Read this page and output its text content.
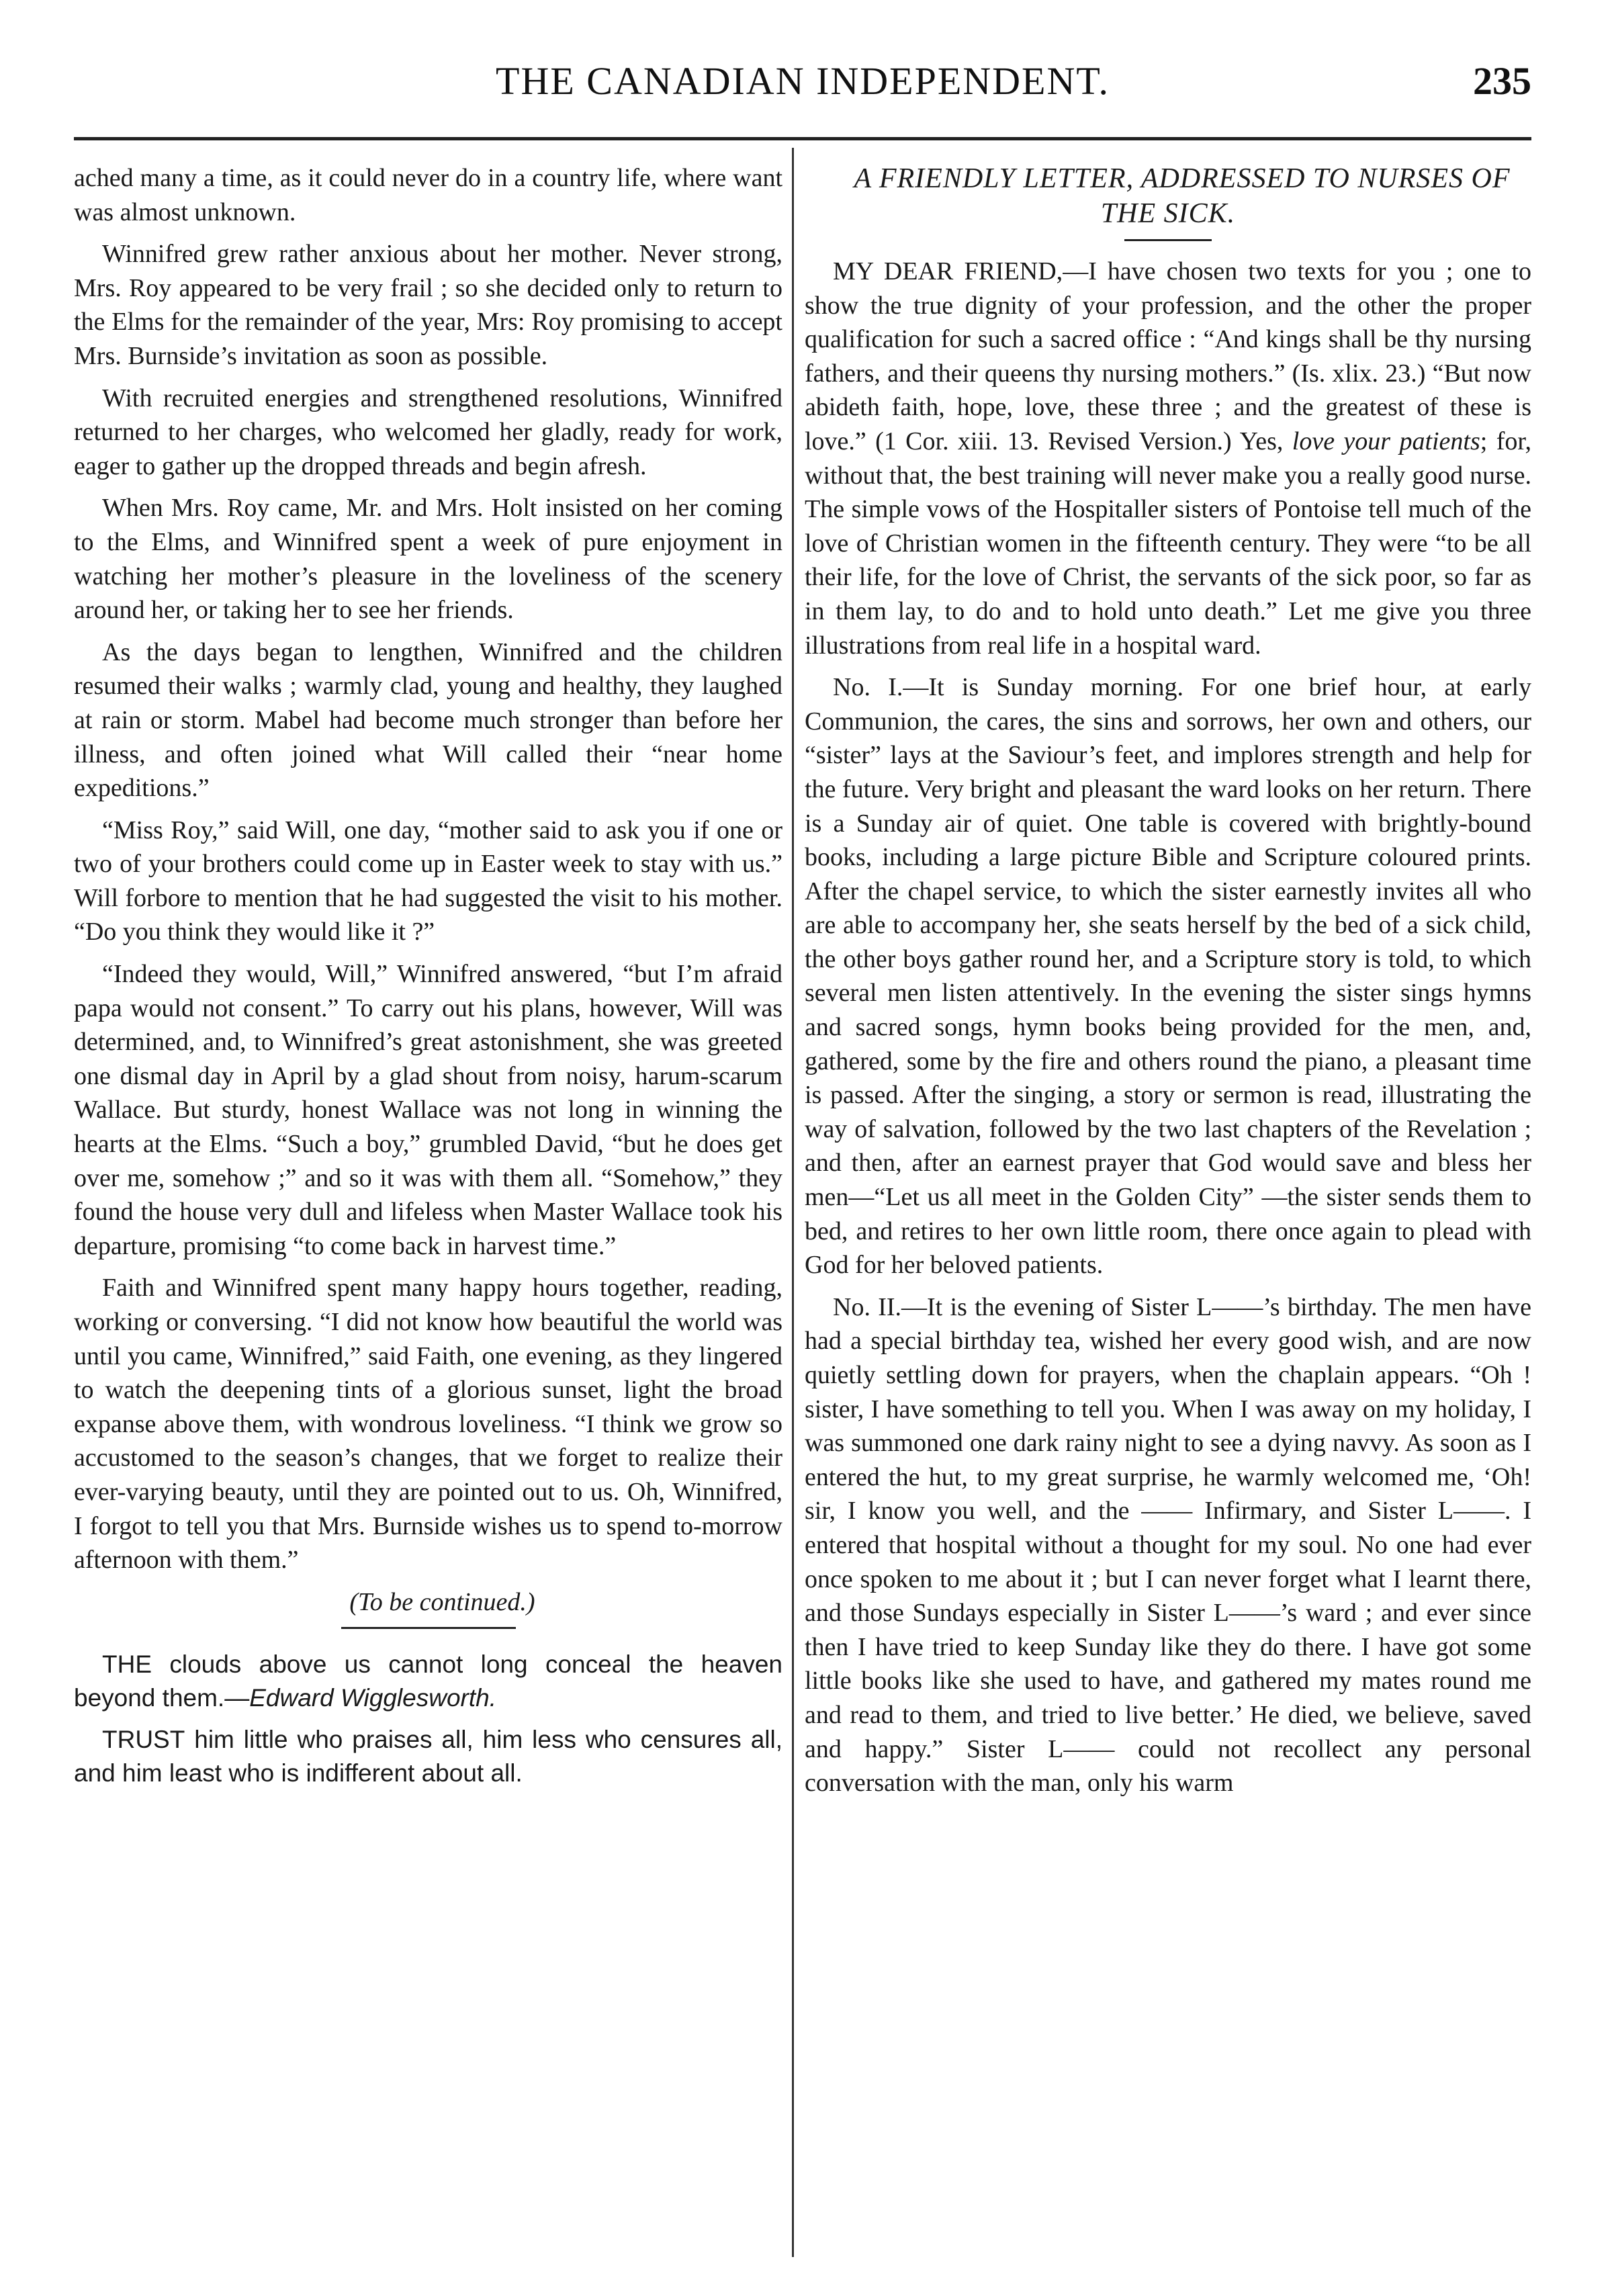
THE CANADIAN INDEPENDENT.	235

ached many a time, as it could never do in a country life, where want was almost unknown.

Winnifred grew rather anxious about her mother. Never strong, Mrs. Roy appeared to be very frail ; so she decided only to return to the Elms for the remainder of the year, Mrs: Roy promising to accept Mrs. Burnside’s invitation as soon as possible.

With recruited energies and strengthened resolutions, Winnifred returned to her charges, who welcomed her gladly, ready for work, eager to gather up the dropped threads and begin afresh.

When Mrs. Roy came, Mr. and Mrs. Holt insisted on her coming to the Elms, and Winnifred spent a week of pure enjoyment in watching her mother’s pleasure in the loveliness of the scenery around her, or taking her to see her friends.

As the days began to lengthen, Winnifred and the children resumed their walks ; warmly clad, young and healthy, they laughed at rain or storm. Mabel had become much stronger than before her illness, and often joined what Will called their “near home expeditions.”

“Miss Roy,” said Will, one day, “mother said to ask you if one or two of your brothers could come up in Easter week to stay with us.” Will forbore to mention that he had suggested the visit to his mother. “Do you think they would like it ?”

“Indeed they would, Will,” Winnifred answered, “but I’m afraid papa would not consent.” To carry out his plans, however, Will was determined, and, to Winnifred’s great astonishment, she was greeted one dismal day in April by a glad shout from noisy, harum-scarum Wallace. But sturdy, honest Wallace was not long in winning the hearts at the Elms. “Such a boy,” grumbled David, “but he does get over me, somehow ;” and so it was with them all. “Somehow,” they found the house very dull and lifeless when Master Wallace took his departure, promising “to come back in harvest time.”

Faith and Winnifred spent many happy hours together, reading, working or conversing. “I did not know how beautiful the world was until you came, Winnifred,” said Faith, one evening, as they lingered to watch the deepening tints of a glorious sunset, light the broad expanse above them, with wondrous loveliness. “I think we grow so accustomed to the season’s changes, that we forget to realize their ever-varying beauty, until they are pointed out to us. Oh, Winnifred, I forgot to tell you that Mrs. Burnside wishes us to spend to-morrow afternoon with them.”

(To be continued.)

THE clouds above us cannot long conceal the heaven beyond them.—Edward Wigglesworth.

TRUST him little who praises all, him less who censures all, and him least who is indifferent about all.

A FRIENDLY LETTER, ADDRESSED TO NURSES OF THE SICK.

MY DEAR FRIEND,—I have chosen two texts for you ; one to show the true dignity of your profession, and the other the proper qualification for such a sacred office : “And kings shall be thy nursing fathers, and their queens thy nursing mothers.” (Is. xlix. 23.) “But now abideth faith, hope, love, these three ; and the greatest of these is love.” (1 Cor. xiii. 13. Revised Version.) Yes, love your patients; for, without that, the best training will never make you a really good nurse. The simple vows of the Hospitaller sisters of Pontoise tell much of the love of Christian women in the fifteenth century. They were “to be all their life, for the love of Christ, the servants of the sick poor, so far as in them lay, to do and to hold unto death.” Let me give you three illustrations from real life in a hospital ward.

No. I.—It is Sunday morning. For one brief hour, at early Communion, the cares, the sins and sorrows, her own and others, our “sister” lays at the Saviour’s feet, and implores strength and help for the future. Very bright and pleasant the ward looks on her return. There is a Sunday air of quiet. One table is covered with brightly-bound books, including a large picture Bible and Scripture coloured prints. After the chapel service, to which the sister earnestly invites all who are able to accompany her, she seats herself by the bed of a sick child, the other boys gather round her, and a Scripture story is told, to which several men listen attentively. In the evening the sister sings hymns and sacred songs, hymn books being provided for the men, and, gathered, some by the fire and others round the piano, a pleasant time is passed. After the singing, a story or sermon is read, illustrating the way of salvation, followed by the two last chapters of the Revelation ; and then, after an earnest prayer that God would save and bless her men—“Let us all meet in the Golden City” —the sister sends them to bed, and retires to her own little room, there once again to plead with God for her beloved patients.

No. II.—It is the evening of Sister L——’s birthday. The men have had a special birthday tea, wished her every good wish, and are now quietly settling down for prayers, when the chaplain appears. “Oh ! sister, I have something to tell you. When I was away on my holiday, I was summoned one dark rainy night to see a dying navvy. As soon as I entered the hut, to my great surprise, he warmly welcomed me, ‘Oh! sir, I know you well, and the —— Infirmary, and Sister L——. I entered that hospital without a thought for my soul. No one had ever once spoken to me about it ; but I can never forget what I learnt there, and those Sundays especially in Sister L——’s ward ; and ever since then I have tried to keep Sunday like they do there. I have got some little books like she used to have, and gathered my mates round me and read to them, and tried to live better.’ He died, we believe, saved and happy.” Sister L—— could not recollect any personal conversation with the man, only his warm
